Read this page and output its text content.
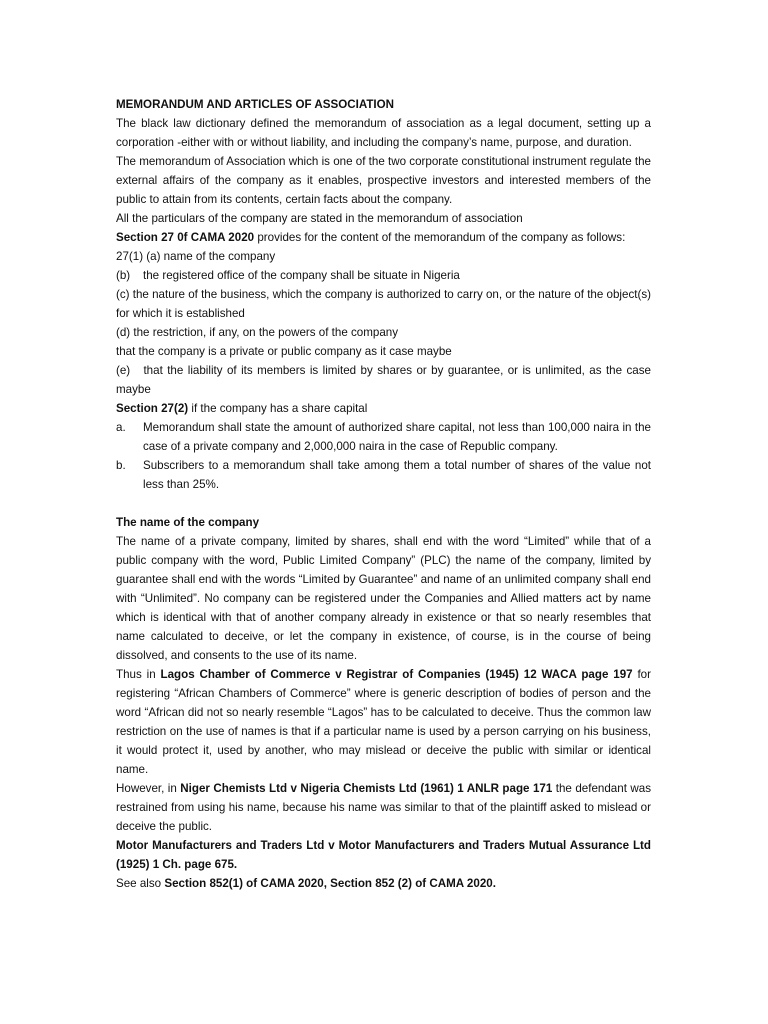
MEMORANDUM AND ARTICLES OF ASSOCIATION

The black law dictionary defined the memorandum of association as a legal document, setting up a corporation -either with or without liability, and including the company’s name, purpose, and duration.

The memorandum of Association which is one of the two corporate constitutional instrument regulate the external affairs of the company as it enables, prospective investors and interested members of the public to attain from its contents, certain facts about the company.

All the particulars of the company are stated in the memorandum of association

Section 27 0f CAMA 2020 provides for the content of the memorandum of the company as follows:

27(1) (a) name of the company

(b) the registered office of the company shall be situate in Nigeria

(c) the nature of the business, which the company is authorized to carry on, or the nature of the object(s) for which it is established

(d) the restriction, if any, on the powers of the company

that the company is a private or public company as it case maybe

(e) that the liability of its members is limited by shares or by guarantee, or is unlimited, as the case maybe

Section 27(2) if the company has a share capital

a. Memorandum shall state the amount of authorized share capital, not less than 100,000 naira in the case of a private company and 2,000,000 naira in the case of Republic company.

b. Subscribers to a memorandum shall take among them a total number of shares of the value not less than 25%.

The name of the company

The name of a private company, limited by shares, shall end with the word “Limited” while that of a public company with the word, Public Limited Company” (PLC) the name of the company, limited by guarantee shall end with the words “Limited by Guarantee” and name of an unlimited company shall end with “Unlimited”. No company can be registered under the Companies and Allied matters act by name which is identical with that of another company already in existence or that so nearly resembles that name calculated to deceive, or let the company in existence, of course, is in the course of being dissolved, and consents to the use of its name.

Thus in Lagos Chamber of Commerce v Registrar of Companies (1945) 12 WACA page 197 for registering “African Chambers of Commerce” where is generic description of bodies of person and the word “African did not so nearly resemble “Lagos” has to be calculated to deceive. Thus the common law restriction on the use of names is that if a particular name is used by a person carrying on his business, it would protect it, used by another, who may mislead or deceive the public with similar or identical name.

However, in Niger Chemists Ltd v Nigeria Chemists Ltd (1961) 1 ANLR page 171 the defendant was restrained from using his name, because his name was similar to that of the plaintiff asked to mislead or deceive the public.

Motor Manufacturers and Traders Ltd v Motor Manufacturers and Traders Mutual Assurance Ltd (1925) 1 Ch. page 675.

See also Section 852(1) of CAMA 2020, Section 852 (2) of CAMA 2020.
